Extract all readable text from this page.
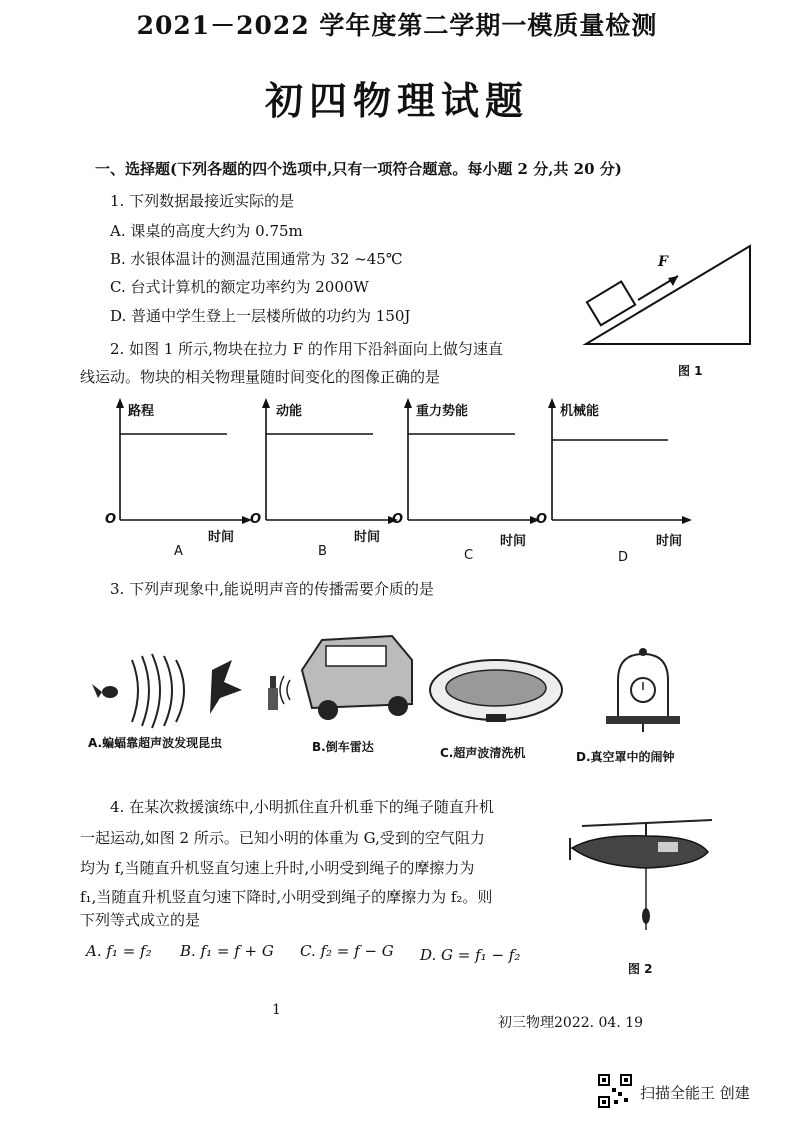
2021－2022 学年度第二学期一模质量检测
初四物理试题
一、选择题(下列各题的四个选项中,只有一项符合题意。每小题 2 分,共 20 分)
1. 下列数据最接近实际的是
A. 课桌的高度大约为 0.75m
B. 水银体温计的测温范围通常为 32 ~45℃
C. 台式计算机的额定功率约为 2000W
D. 普通中学生登上一层楼所做的功约为 150J
F
图 1
2. 如图 1 所示,物块在拉力 F 的作用下沿斜面向上做匀速直
线运动。物块的相关物理量随时间变化的图像正确的是
路程
O
时间
A
动能
O
时间
B
重力势能
O
时间
C
机械能
O
时间
D
3. 下列声现象中,能说明声音的传播需要介质的是
A.蝙蝠靠超声波发现昆虫	B.倒车雷达	C.超声波清洗机	D.真空罩中的闹钟
4. 在某次救援演练中,小明抓住直升机垂下的绳子随直升机
一起运动,如图 2 所示。已知小明的体重为 G,受到的空气阻力
均为 f,当随直升机竖直匀速上升时,小明受到绳子的摩擦力为
f₁,当随直升机竖直匀速下降时,小明受到绳子的摩擦力为 f₂。则
下列等式成立的是
A. f₁ = f₂ B. f₁ = f + G C. f₂ = f − G D. G = f₁ − f₂
图 2
1
初三物理2022. 04. 19
扫描全能王 创建
